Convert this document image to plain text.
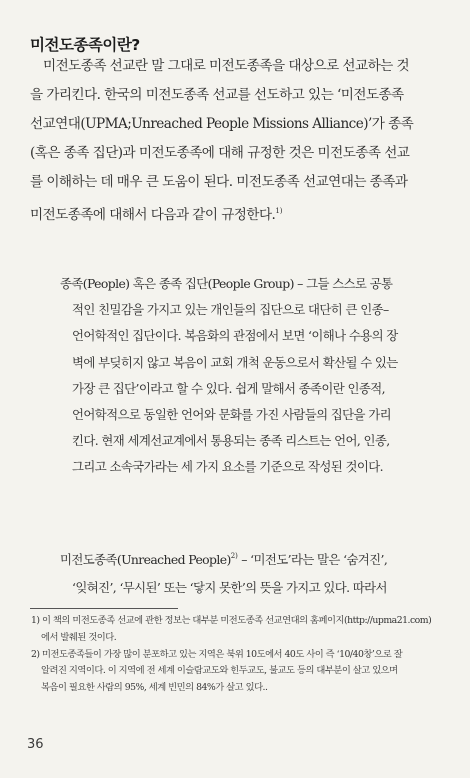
미전도종족이란?
미전도종족 선교란 말 그대로 미전도종족을 대상으로 선교하는 것
을 가리킨다. 한국의 미전도종족 선교를 선도하고 있는 ‘미전도종족
선교연대(UPMA;Unreached People Missions Alliance)’가 종족
(혹은 종족 집단)과 미전도종족에 대해 규정한 것은 미전도종족 선교
를 이해하는 데 매우 큰 도움이 된다. 미전도종족 선교연대는 종족과
미전도종족에 대해서 다음과 같이 규정한다.$^{1)}$
종족(People) 혹은 종족 집단(People Group) – 그들 스스로 공통
적인 친밀감을 가지고 있는 개인들의 집단으로 대단히 큰 인종–
언어학적인 집단이다. 복음화의 관점에서 보면 ‘이해나 수용의 장
벽에 부딪히지 않고 복음이 교회 개척 운동으로서 확산될 수 있는
가장 큰 집단’이라고 할 수 있다. 쉽게 말해서 종족이란 인종적,
언어학적으로 동일한 언어와 문화를 가진 사람들의 집단을 가리
킨다. 현재 세계선교계에서 통용되는 종족 리스트는 언어, 인종,
그리고 소속국가라는 세 가지 요소를 기준으로 작성된 것이다.
미전도종족(Unreached People)$^{2)}$ – ‘미전도’라는 말은 ‘숨겨진’,
‘잊혀진’, ‘무시된’ 또는 ‘닿지 못한’의 뜻을 가지고 있다. 따라서
1) 이 책의 미전도종족 선교에 관한 정보는 대부분 미전도종족 선교연대의 홈페이지(http://upma21.com)
에서 발췌된 것이다.
2) 미전도종족들이 가장 많이 분포하고 있는 지역은 북위 10도에서 40도 사이 즉 ‘10/40창’으로 잘
알려진 지역이다. 이 지역에 전 세계 이슬람교도와 힌두교도, 불교도 등의 대부분이 살고 있으며
복음이 필요한 사람의 95%, 세계 빈민의 84%가 살고 있다..
36
